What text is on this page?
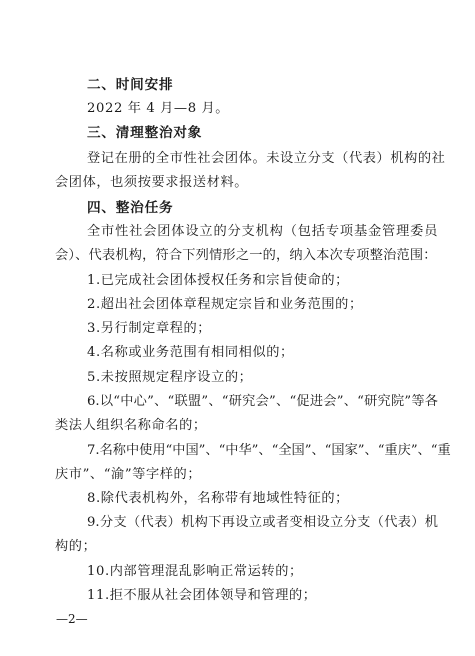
二、时间安排
2022 年 4 月—8 月。
三、清理整治对象
登记在册的全市性社会团体。未设立分支（代表）机构的社
会团体，也须按要求报送材料。
四、整治任务
全市性社会团体设立的分支机构（包括专项基金管理委员
会）、代表机构，符合下列情形之一的，纳入本次专项整治范围：
1.已完成社会团体授权任务和宗旨使命的；
2.超出社会团体章程规定宗旨和业务范围的；
3.另行制定章程的；
4.名称或业务范围有相同相似的；
5.未按照规定程序设立的；
6.以“中心”、“联盟”、“研究会”、“促进会”、“研究院”等各
类法人组织名称命名的；
7.名称中使用“中国”、“中华”、“全国”、“国家”、“重庆”、“重
庆市”、“渝”等字样的；
8.除代表机构外，名称带有地域性特征的；
9.分支（代表）机构下再设立或者变相设立分支（代表）机
构的；
10.内部管理混乱影响正常运转的；
11.拒不服从社会团体领导和管理的；
—2—
